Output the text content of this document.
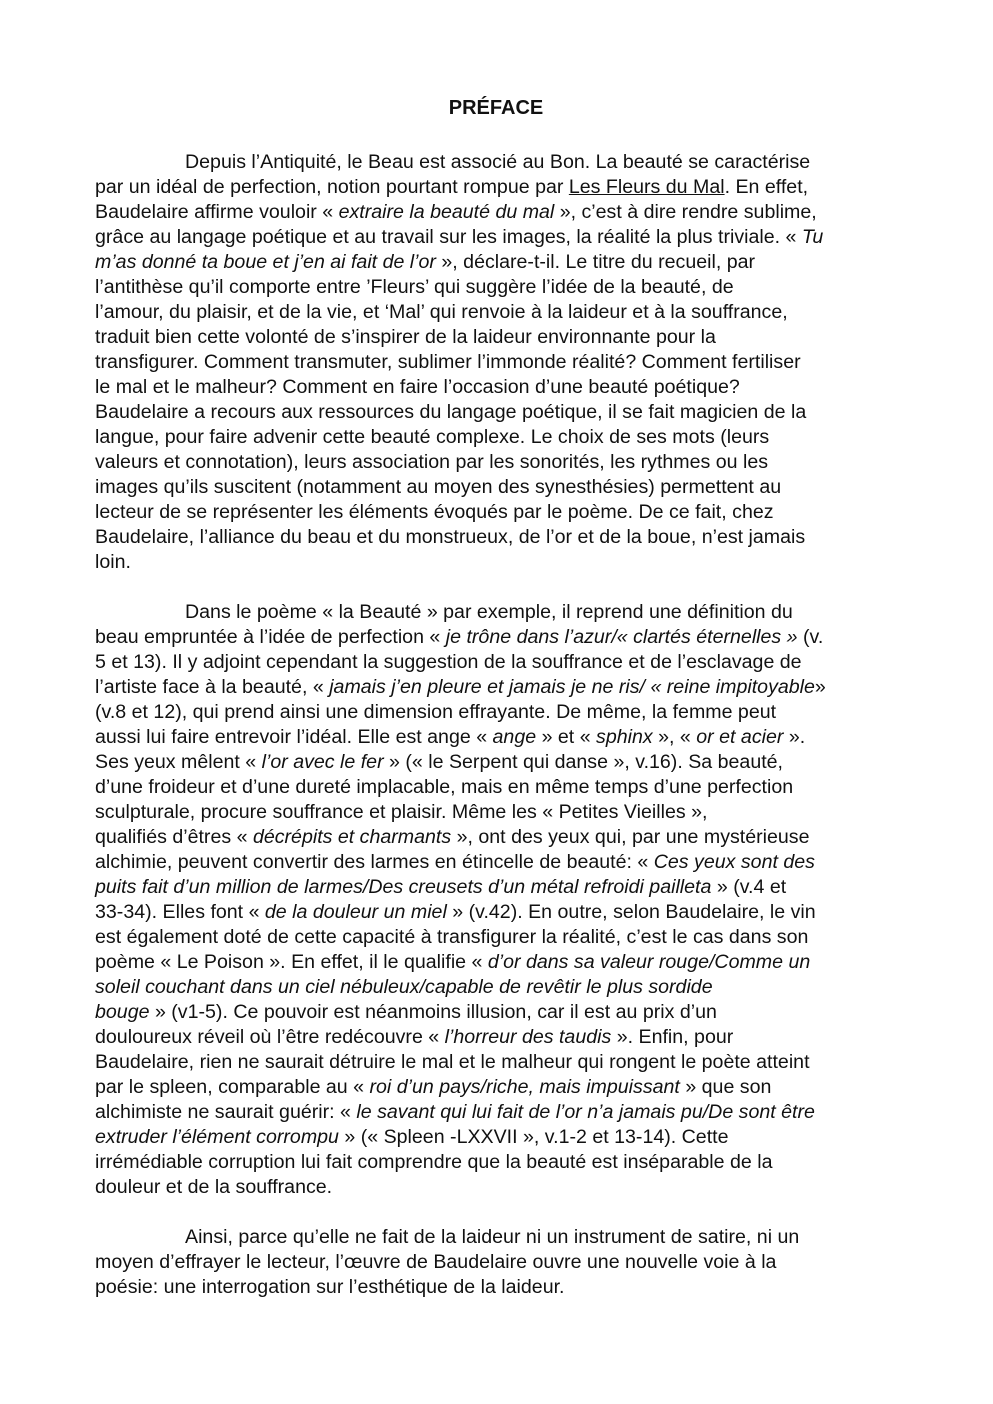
PRÉFACE
Depuis l’Antiquité, le Beau est associé au Bon. La beauté se caractérise
par un idéal de perfection, notion pourtant rompue par Les Fleurs du Mal. En effet,
Baudelaire affirme vouloir « extraire la beauté du mal », c’est à dire rendre sublime,
grâce au langage poétique et au travail sur les images, la réalité la plus triviale. « Tu
m’as donné ta boue et j’en ai fait de l’or », déclare-t-il. Le titre du recueil, par
l’antithèse qu’il comporte entre ’Fleurs’ qui suggère l’idée de la beauté, de
l’amour, du plaisir, et de la vie, et ‘Mal’ qui renvoie à la laideur et à la souffrance,
traduit bien cette volonté de s’inspirer de la laideur environnante pour la
transfigurer. Comment transmuter, sublimer l’immonde réalité? Comment fertiliser
le mal et le malheur? Comment en faire l’occasion d’une beauté poétique?
Baudelaire a recours aux ressources du langage poétique, il se fait magicien de la
langue, pour faire advenir cette beauté complexe. Le choix de ses mots (leurs
valeurs et connotation), leurs association par les sonorités, les rythmes ou les
images qu’ils suscitent (notamment au moyen des synesthésies) permettent au
lecteur de se représenter les éléments évoqués par le poème. De ce fait, chez
Baudelaire, l’alliance du beau et du monstrueux, de l’or et de la boue, n’est jamais
loin.
Dans le poème « la Beauté » par exemple, il reprend une définition du
beau empruntée à l’idée de perfection « je trône dans l’azur/« clartés éternelles » (v.
5 et 13). Il y adjoint cependant la suggestion de la souffrance et de l’esclavage de
l’artiste face à la beauté, « jamais j’en pleure et jamais je ne ris/ « reine impitoyable»
(v.8 et 12), qui prend ainsi une dimension effrayante. De même, la femme peut
aussi lui faire entrevoir l’idéal. Elle est ange « ange » et « sphinx », « or et acier ».
Ses yeux mêlent « l’or avec le fer » (« le Serpent qui danse », v.16). Sa beauté,
d’une froideur et d’une dureté implacable, mais en même temps d’une perfection
sculpturale, procure souffrance et plaisir. Même les « Petites Vieilles »,
qualifiés d’êtres « décrépits et charmants », ont des yeux qui, par une mystérieuse
alchimie, peuvent convertir des larmes en étincelle de beauté: « Ces yeux sont des
puits fait d’un million de larmes/Des creusets d’un métal refroidi pailleta » (v.4 et
33-34). Elles font « de la douleur un miel » (v.42). En outre, selon Baudelaire, le vin
est également doté de cette capacité à transfigurer la réalité, c’est le cas dans son
poème « Le Poison ». En effet, il le qualifie « d’or dans sa valeur rouge/Comme un
soleil couchant dans un ciel nébuleux/capable de revêtir le plus sordide
bouge » (v1-5). Ce pouvoir est néanmoins illusion, car il est au prix d’un
douloureux réveil où l’être redécouvre « l’horreur des taudis ». Enfin, pour
Baudelaire, rien ne saurait détruire le mal et le malheur qui rongent le poète atteint
par le spleen, comparable au « roi d’un pays/riche, mais impuissant » que son
alchimiste ne saurait guérir: « le savant qui lui fait de l’or n’a jamais pu/De sont être
extruder l’élément corrompu » (« Spleen -LXXVII », v.1-2 et 13-14). Cette
irrémédiable corruption lui fait comprendre que la beauté est inséparable de la
douleur et de la souffrance.
Ainsi, parce qu’elle ne fait de la laideur ni un instrument de satire, ni un
moyen d’effrayer le lecteur, l’œuvre de Baudelaire ouvre une nouvelle voie à la
poésie: une interrogation sur l’esthétique de la laideur.
